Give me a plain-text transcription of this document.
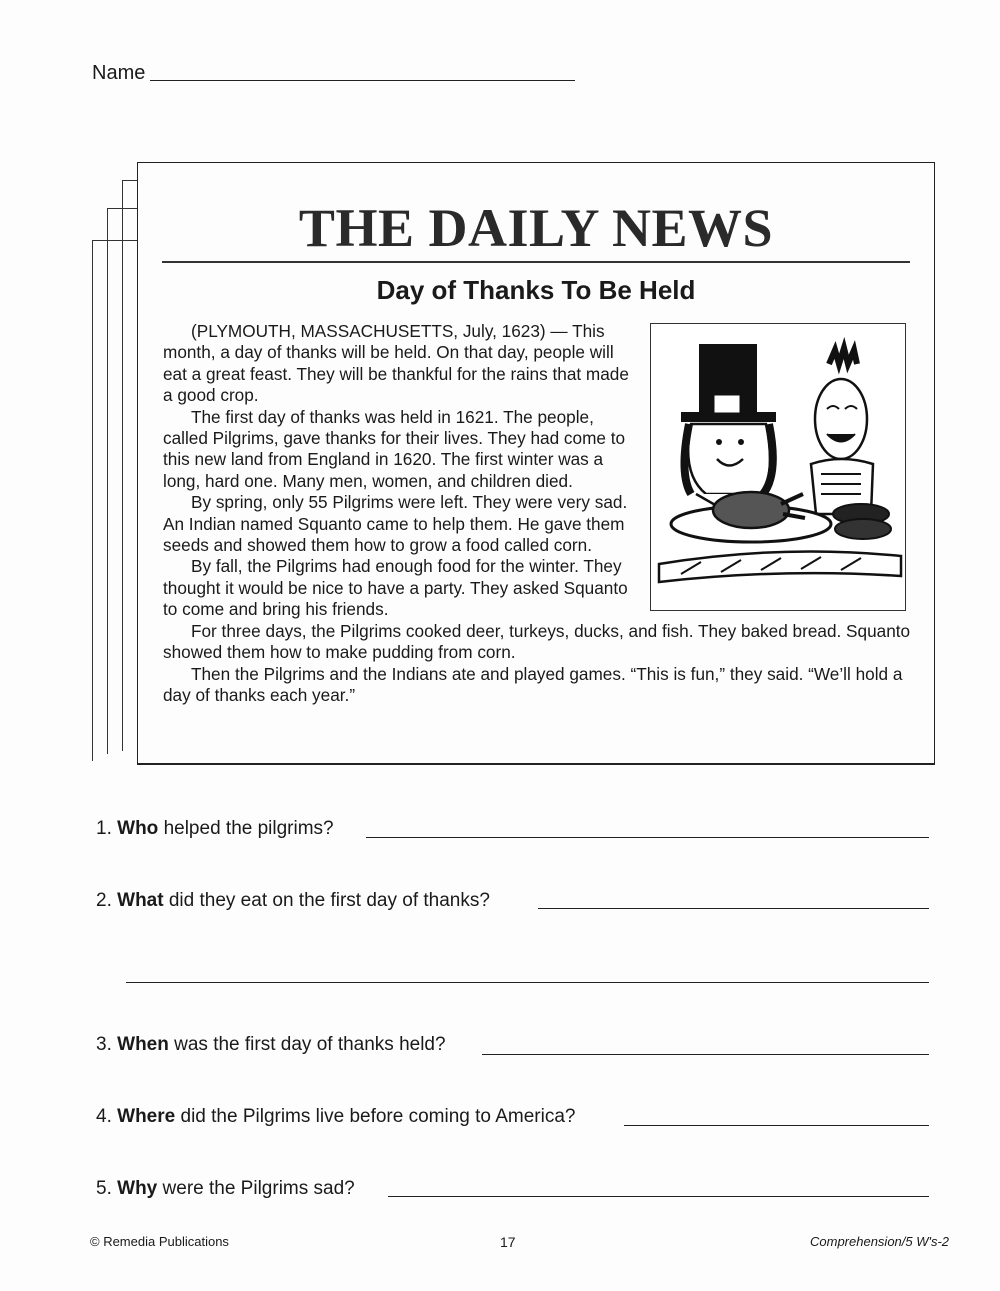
Name
THE DAILY NEWS
Day of Thanks To Be Held

(PLYMOUTH, MASSACHUSETTS, July, 1623) — This month, a day of thanks will be held. On that day, people will eat a great feast. They will be thankful for the rains that made a good crop.

The first day of thanks was held in 1621. The people, called Pilgrims, gave thanks for their lives. They had come to this new land from England in 1620. The first winter was a long, hard one. Many men, women, and children died.

By spring, only 55 Pilgrims were left. They were very sad. An Indian named Squanto came to help them. He gave them seeds and showed them how to grow a food called corn.

By fall, the Pilgrims had enough food for the winter. They thought it would be nice to have a party. They asked Squanto to come and bring his friends.

For three days, the Pilgrims cooked deer, turkeys, ducks, and fish. They baked bread. Squanto showed them how to make pudding from corn.

Then the Pilgrims and the Indians ate and played games. “This is fun,” they said. “We’ll hold a day of thanks each year.”

1. Who helped the pilgrims?
2. What did they eat on the first day of thanks?
3. When was the first day of thanks held?
4. Where did the Pilgrims live before coming to America?
5. Why were the Pilgrims sad?
© Remedia Publications	17	Comprehension/5 W's-2
